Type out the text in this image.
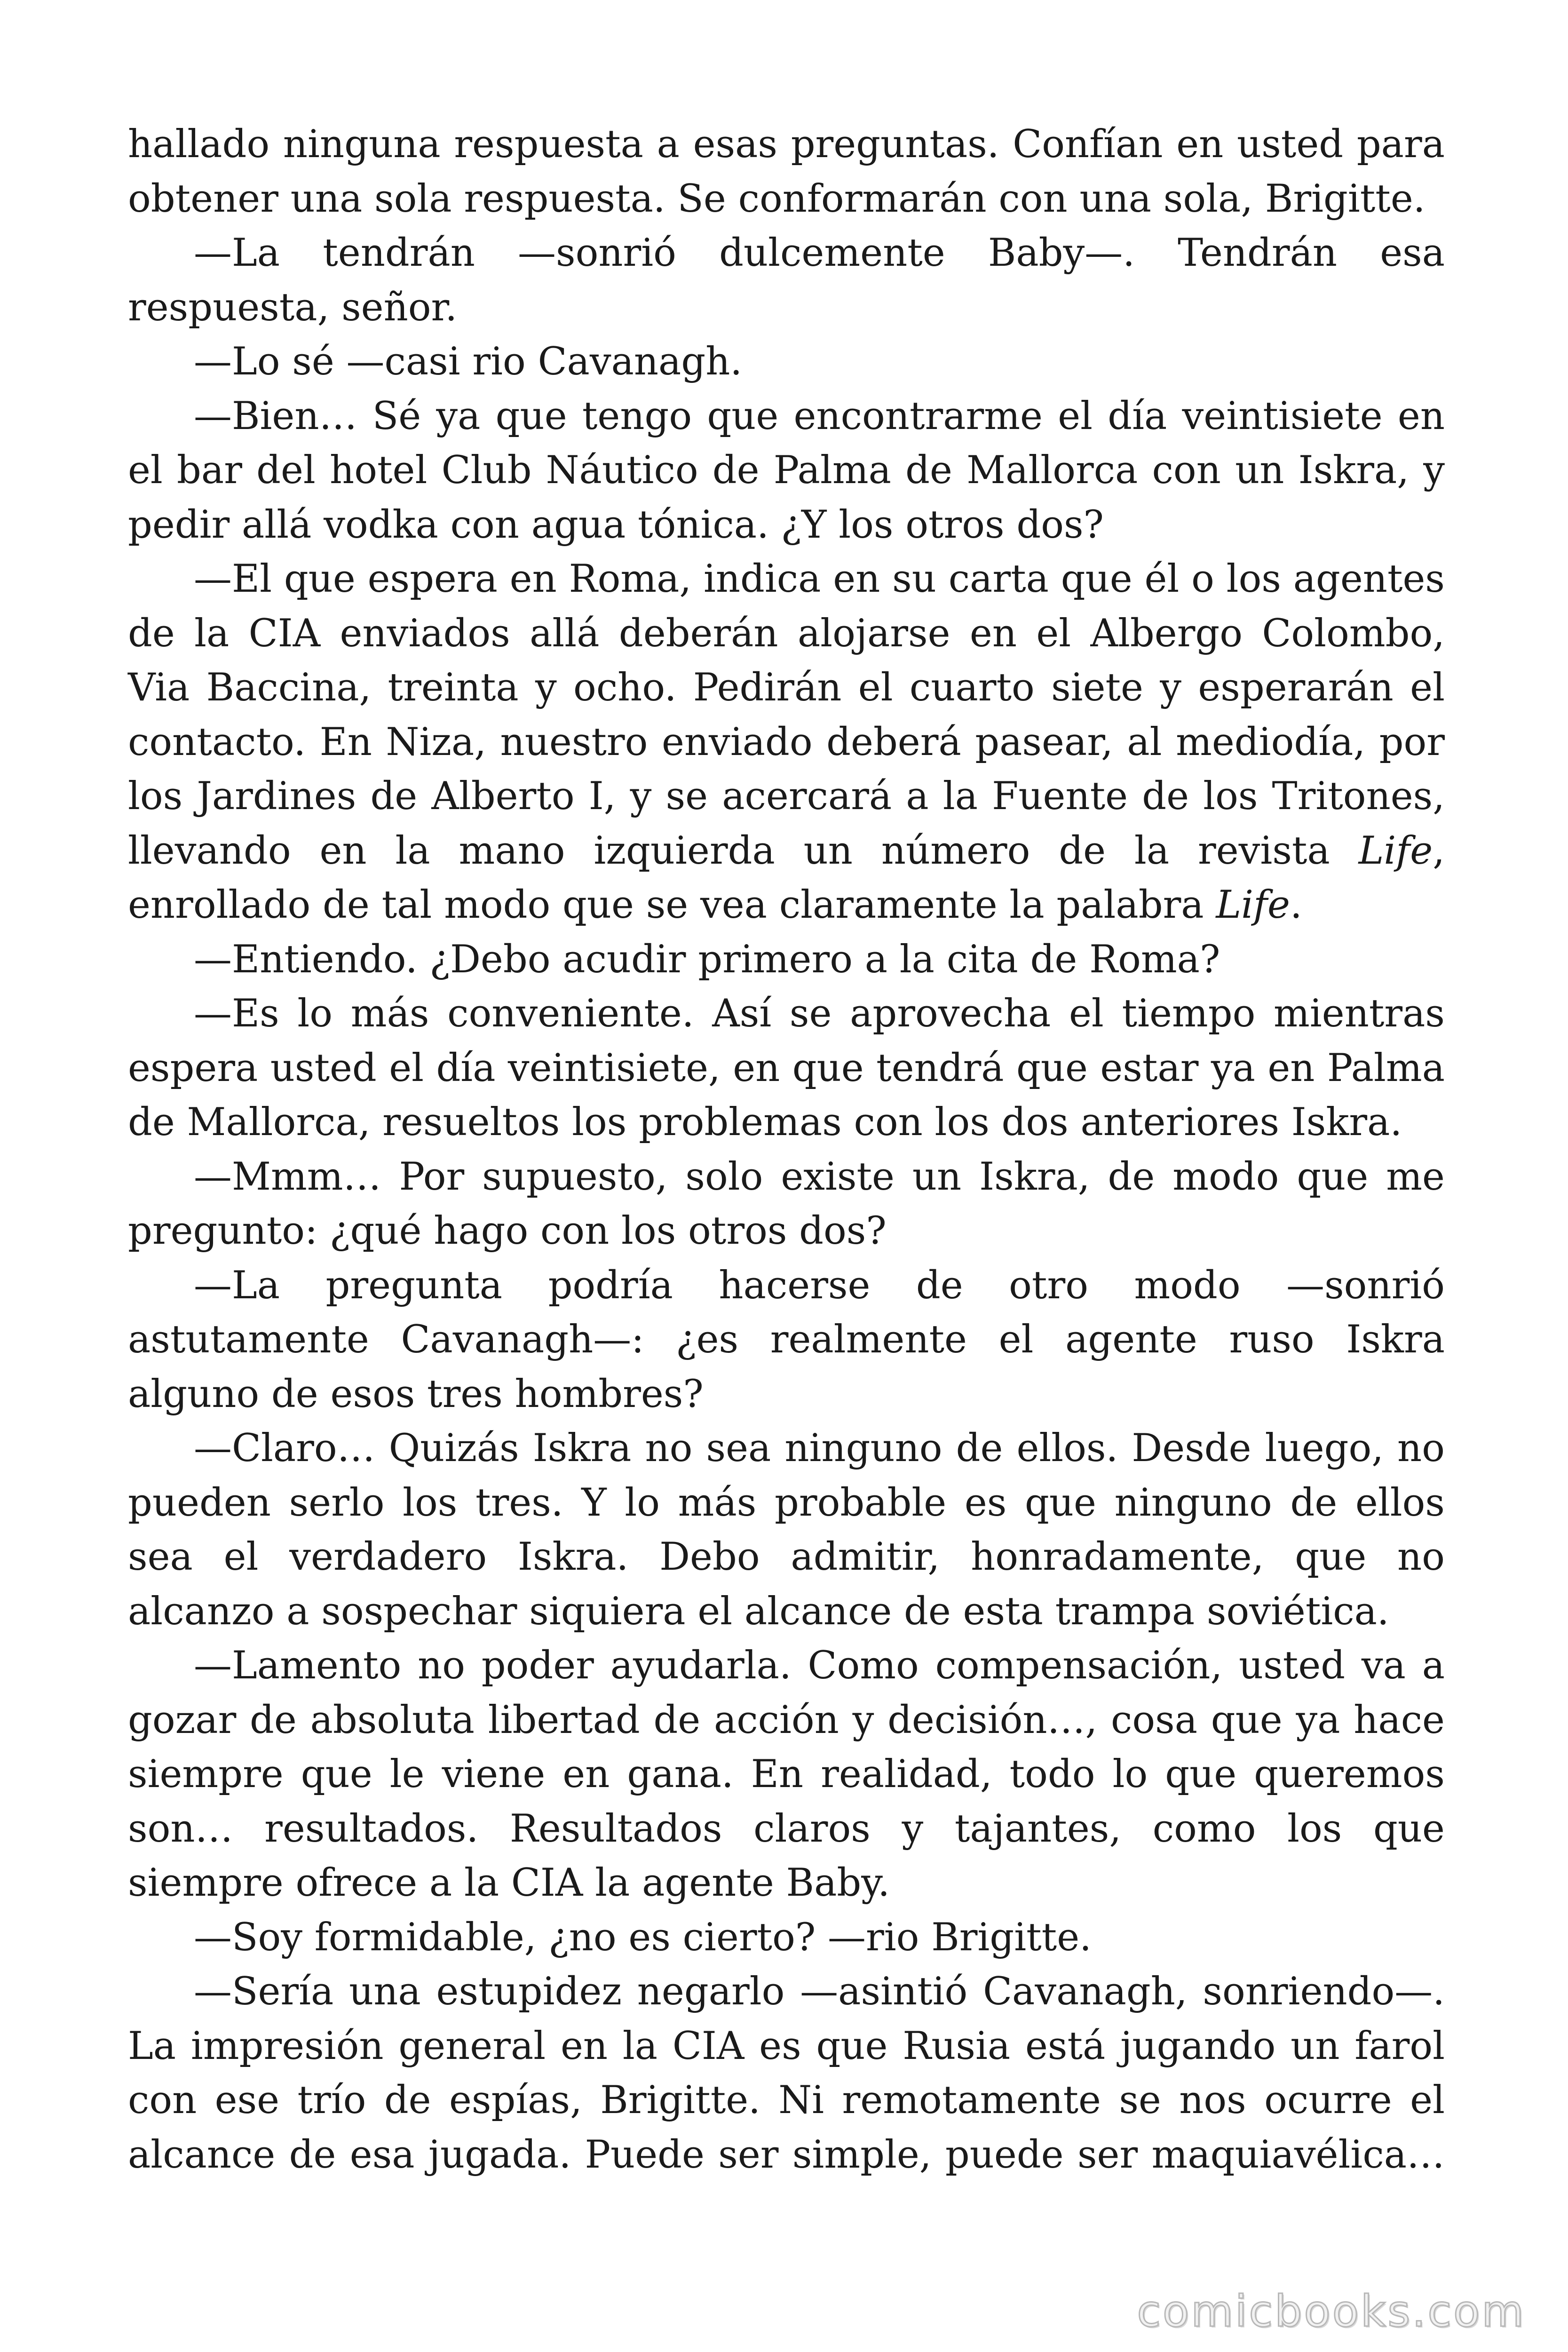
hallado ninguna respuesta a esas preguntas. Confían en usted para obtener una sola respuesta. Se conformarán con una sola, Brigitte.

—La tendrán —sonrió dulcemente Baby—. Tendrán esa respuesta, señor.

—Lo sé —casi rio Cavanagh.

—Bien… Sé ya que tengo que encontrarme el día veintisiete en el bar del hotel Club Náutico de Palma de Mallorca con un Iskra, y pedir allá vodka con agua tónica. ¿Y los otros dos?

—El que espera en Roma, indica en su carta que él o los agentes de la CIA enviados allá deberán alojarse en el Albergo Colombo, Via Baccina, treinta y ocho. Pedirán el cuarto siete y esperarán el contacto. En Niza, nuestro enviado deberá pasear, al mediodía, por los Jardines de Alberto I, y se acercará a la Fuente de los Tritones, llevando en la mano izquierda un número de la revista Life, enrollado de tal modo que se vea claramente la palabra Life.

—Entiendo. ¿Debo acudir primero a la cita de Roma?

—Es lo más conveniente. Así se aprovecha el tiempo mientras espera usted el día veintisiete, en que tendrá que estar ya en Palma de Mallorca, resueltos los problemas con los dos anteriores Iskra.

—Mmm… Por supuesto, solo existe un Iskra, de modo que me pregunto: ¿qué hago con los otros dos?

—La pregunta podría hacerse de otro modo —sonrió astutamente Cavanagh—: ¿es realmente el agente ruso Iskra alguno de esos tres hombres?

—Claro… Quizás Iskra no sea ninguno de ellos. Desde luego, no pueden serlo los tres. Y lo más probable es que ninguno de ellos sea el verdadero Iskra. Debo admitir, honradamente, que no alcanzo a sospechar siquiera el alcance de esta trampa soviética.

—Lamento no poder ayudarla. Como compensación, usted va a gozar de absoluta libertad de acción y decisión…, cosa que ya hace siempre que le viene en gana. En realidad, todo lo que queremos son… resultados. Resultados claros y tajantes, como los que siempre ofrece a la CIA la agente Baby.

—Soy formidable, ¿no es cierto? —rio Brigitte.

—Sería una estupidez negarlo —asintió Cavanagh, sonriendo—. La impresión general en la CIA es que Rusia está jugando un farol con ese trío de espías, Brigitte. Ni remotamente se nos ocurre el alcance de esa jugada. Puede ser simple, puede ser maquiavélica…

comicbooks.com
